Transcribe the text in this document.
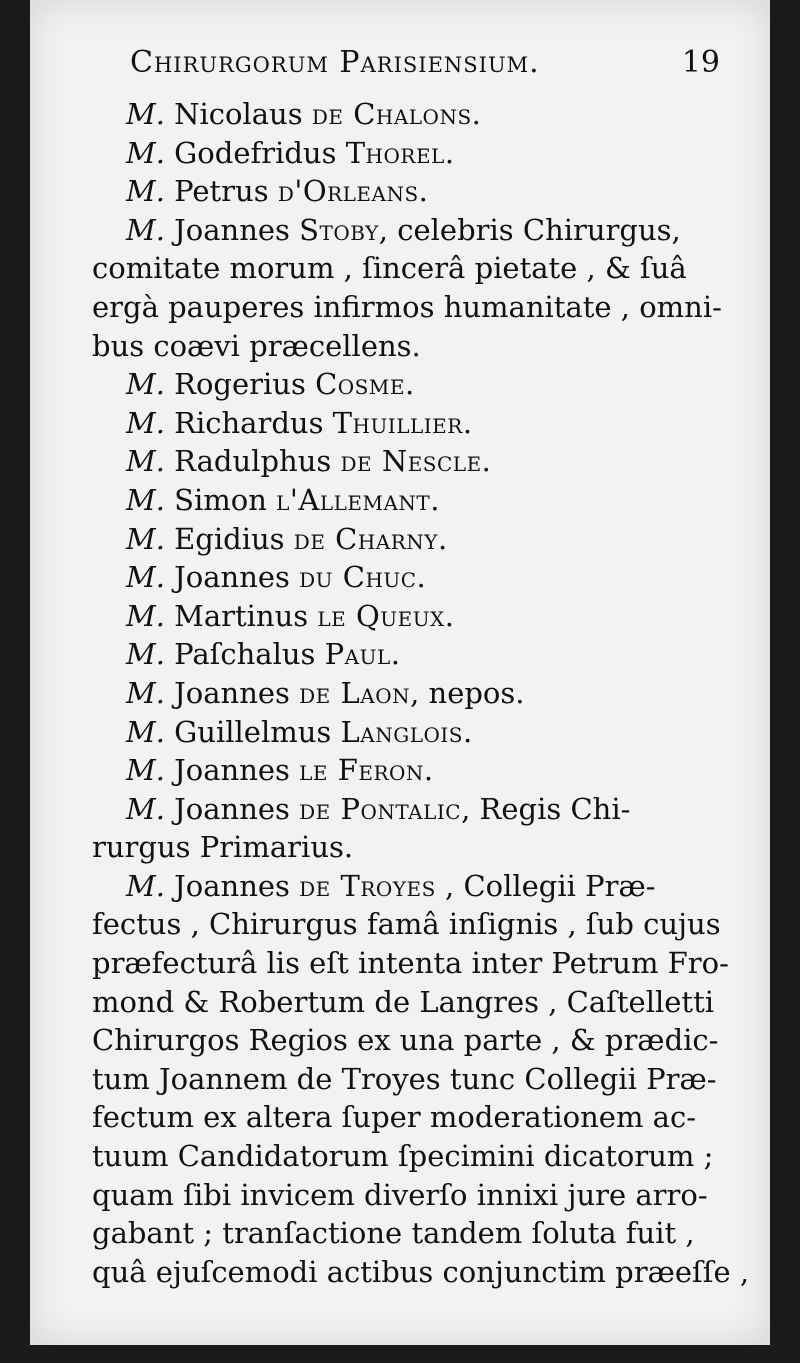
Chirurgorum Parisiensium.	19
M. Nicolaus de Chalons.
M. Godefridus Thorel.
M. Petrus d'Orleans.
M. Joannes Stoby, celebris Chirurgus,
comitate morum , ſincerâ pietate , & ſuâ
ergà pauperes infirmos humanitate , omni-
bus coævi præcellens.
M. Rogerius Cosme.
M. Richardus Thuillier.
M. Radulphus de Nescle.
M. Simon l'Allemant.
M. Egidius de Charny.
M. Joannes du Chuc.
M. Martinus le Queux.
M. Paſchalus Paul.
M. Joannes de Laon, nepos.
M. Guillelmus Langlois.
M. Joannes le Feron.
M. Joannes de Pontalic, Regis Chi-
rurgus Primarius.
M. Joannes de Troyes , Collegii Præ-
fectus , Chirurgus famâ inſignis , ſub cujus
præfecturâ lis eſt intenta inter Petrum Fro-
mond & Robertum de Langres , Caſtelletti
Chirurgos Regios ex una parte , & prædic-
tum Joannem de Troyes tunc Collegii Præ-
fectum ex altera ſuper moderationem ac-
tuum Candidatorum ſpecimini dicatorum ;
quam ſibi invicem diverſo innixi jure arro-
gabant ; tranſactione tandem ſoluta fuit ,
quâ ejuſcemodi actibus conjunctim præeſſe ,
